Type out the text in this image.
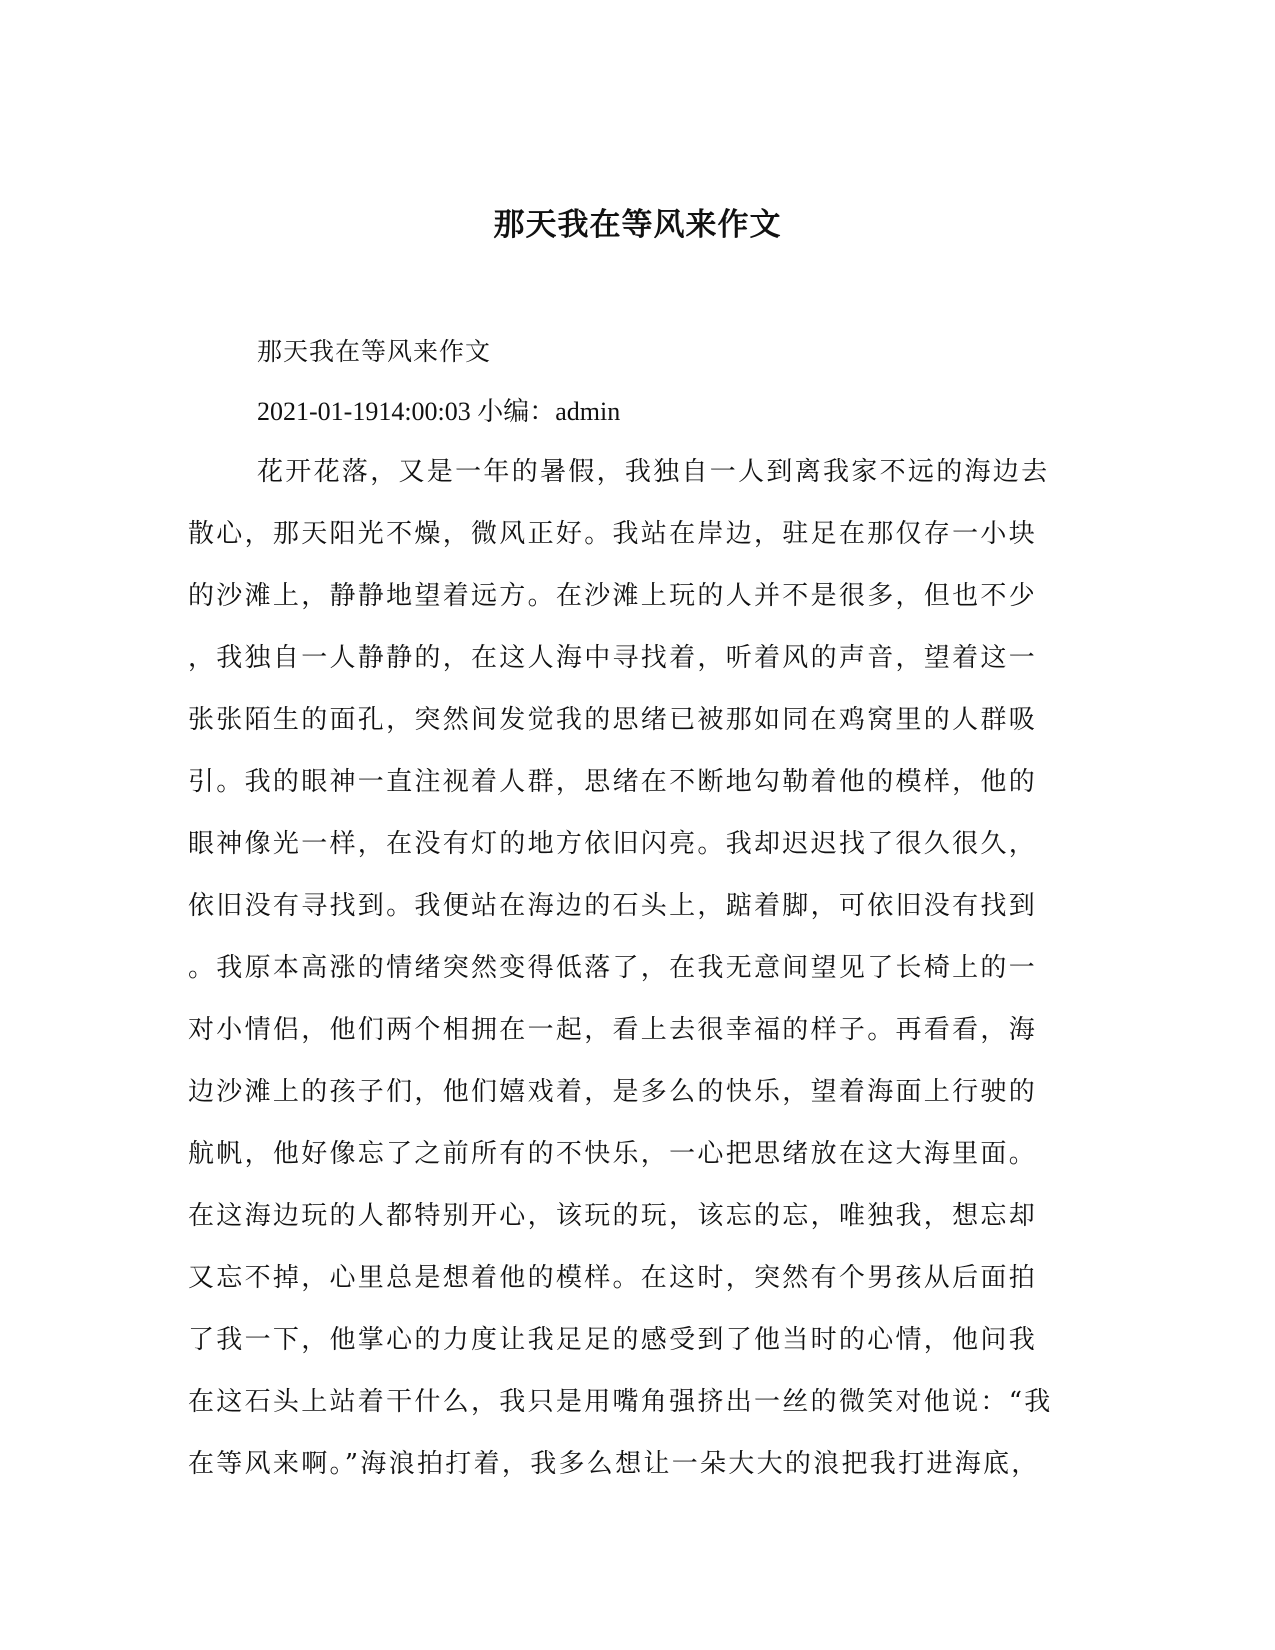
那天我在等风来作文
那天我在等风来作文
2021-01-1914:00:03 小编：admin
花开花落，又是一年的暑假，我独自一人到离我家不远的海边去
散心，那天阳光不燥，微风正好。我站在岸边，驻足在那仅存一小块
的沙滩上，静静地望着远方。在沙滩上玩的人并不是很多，但也不少
，我独自一人静静的，在这人海中寻找着，听着风的声音，望着这一
张张陌生的面孔，突然间发觉我的思绪已被那如同在鸡窝里的人群吸
引。我的眼神一直注视着人群，思绪在不断地勾勒着他的模样，他的
眼神像光一样，在没有灯的地方依旧闪亮。我却迟迟找了很久很久，
依旧没有寻找到。我便站在海边的石头上，踮着脚，可依旧没有找到
。我原本高涨的情绪突然变得低落了，在我无意间望见了长椅上的一
对小情侣，他们两个相拥在一起，看上去很幸福的样子。再看看，海
边沙滩上的孩子们，他们嬉戏着，是多么的快乐，望着海面上行驶的
航帆，他好像忘了之前所有的不快乐，一心把思绪放在这大海里面。
在这海边玩的人都特别开心，该玩的玩，该忘的忘，唯独我，想忘却
又忘不掉，心里总是想着他的模样。在这时，突然有个男孩从后面拍
了我一下，他掌心的力度让我足足的感受到了他当时的心情，他问我
在这石头上站着干什么，我只是用嘴角强挤出一丝的微笑对他说：“我
在等风来啊。”海浪拍打着，我多么想让一朵大大的浪把我打进海底，
